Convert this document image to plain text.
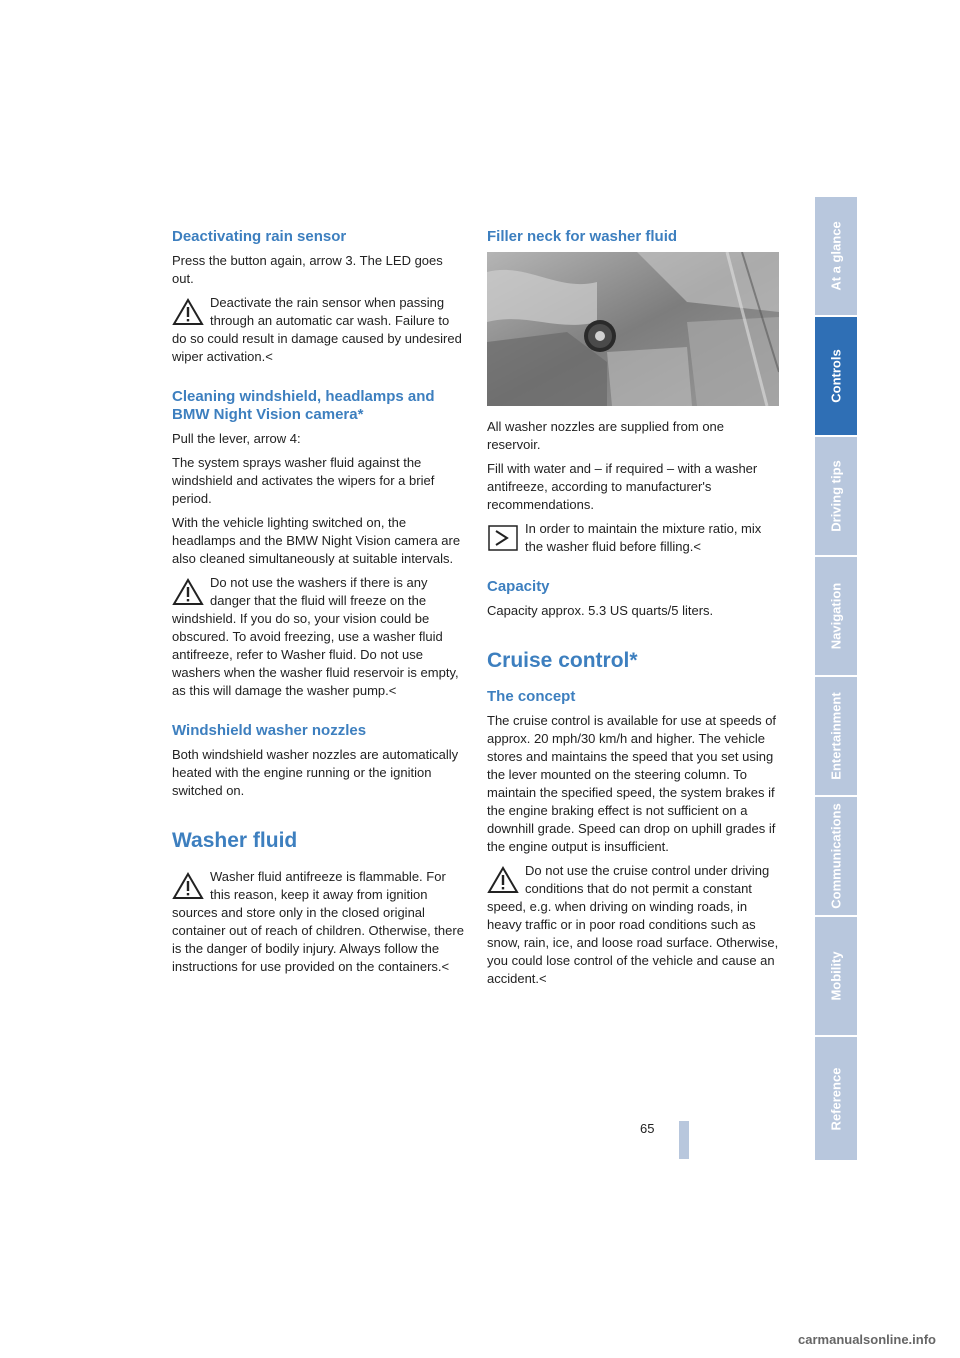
Deactivating rain sensor

Press the button again, arrow 3. The LED goes out.

Deactivate the rain sensor when passing through an automatic car wash. Failure to do so could result in damage caused by undesired wiper activation.<
Cleaning windshield, headlamps and BMW Night Vision camera*

Pull the lever, arrow 4:

The system sprays washer fluid against the windshield and activates the wipers for a brief period.

With the vehicle lighting switched on, the headlamps and the BMW Night Vision camera are also cleaned simultaneously at suitable intervals.

Do not use the washers if there is any danger that the fluid will freeze on the windshield. If you do so, your vision could be obscured. To avoid freezing, use a washer fluid antifreeze, refer to Washer fluid. Do not use washers when the washer fluid reservoir is empty, as this will damage the washer pump.<
Windshield washer nozzles

Both windshield washer nozzles are automatically heated with the engine running or the ignition switched on.

Washer fluid
Washer fluid antifreeze is flammable. For this reason, keep it away from ignition sources and store only in the closed original container out of reach of children. Otherwise, there is the danger of bodily injury. Always follow the instructions for use provided on the containers.<
Filler neck for washer fluid

All washer nozzles are supplied from one reservoir.

Fill with water and – if required – with a washer antifreeze, according to manufacturer's recommendations.

In order to maintain the mixture ratio, mix the washer fluid before filling.<
Capacity

Capacity approx. 5.3 US quarts/5 liters.

Cruise control*
The concept

The cruise control is available for use at speeds of approx. 20 mph/30 km/h and higher. The vehicle stores and maintains the speed that you set using the lever mounted on the steering column. To maintain the specified speed, the system brakes if the engine braking effect is not sufficient on a downhill grade. Speed can drop on uphill grades if the engine output is insufficient.

Do not use the cruise control under driving conditions that do not permit a constant speed, e.g. when driving on winding roads, in heavy traffic or in poor road conditions such as snow, rain, ice, and loose road surface. Otherwise, you could lose control of the vehicle and cause an accident.<
At a glance
Controls
Driving tips
Navigation
Entertainment
Communications
Mobility
Reference
65
carmanualsonline.info
